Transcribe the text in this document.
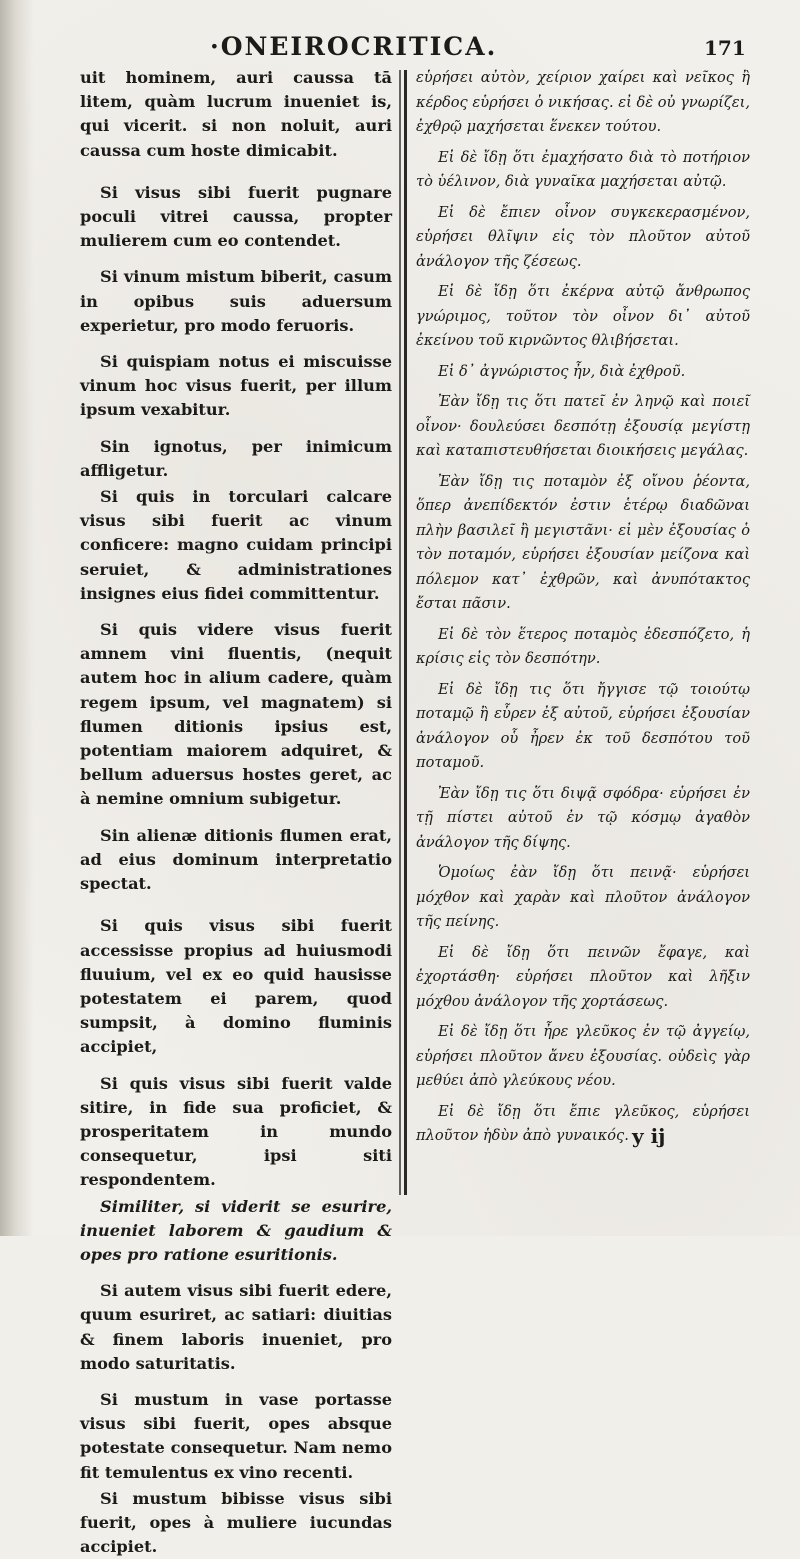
·ONEIROCRITICA.	171

uit hominem, auri caussa tā litem, quàm lucrum inueniet is, qui vicerit. si non noluit, auri caussa cum hoste dimicabit.

Si visus sibi fuerit pugnare poculi vitrei caussa, propter mulierem cum eo contendet.

Si vinum mistum biberit, casum in opibus suis aduersum experietur, pro modo feruoris.

Si quispiam notus ei miscuisse vinum hoc visus fuerit, per illum ipsum vexabitur.

Sin ignotus, per inimicum affligetur.

Si quis in torculari calcare visus sibi fuerit ac vinum conficere: magno cuidam principi seruiet, & administrationes insignes eius fidei committentur.

Si quis videre visus fuerit amnem vini fluentis, (nequit autem hoc in alium cadere, quàm regem ipsum, vel magnatem) si flumen ditionis ipsius est, potentiam maiorem adquiret, & bellum aduersus hostes geret, ac à nemine omnium subigetur.

Sin alienæ ditionis flumen erat, ad eius dominum interpretatio spectat.

Si quis visus sibi fuerit accessisse propius ad huiusmodi fluuium, vel ex eo quid hausisse potestatem ei parem, quod sumpsit, à domino fluminis accipiet,

Si quis visus sibi fuerit valde sitire, in fide sua proficiet, & prosperitatem in mundo consequetur, ipsi siti respondentem.

Similiter, si viderit se esurire, inueniet laborem & gaudium & opes pro ratione esuritionis.

Si autem visus sibi fuerit edere, quum esuriret, ac satiari: diuitias & finem laboris inueniet, pro modo saturitatis.

Si mustum in vase portasse visus sibi fuerit, opes absque potestate consequetur. Nam nemo fit temulentus ex vino recenti.

Si mustum bibisse visus sibi fuerit, opes à muliere iucundas accipiet.

εὑρήσει αὐτὸν, χείριον χαίρει καὶ νεῖκος ἢ κέρδος εὑρήσει ὁ νικήσας. εἰ δὲ οὐ γνωρίζει, ἐχθρῷ μαχήσεται ἕνεκεν τούτου.

Εἰ δὲ ἴδῃ ὅτι ἐμαχήσατο διὰ τὸ ποτήριον τὸ ὑέλινον, διὰ γυναῖκα μαχήσεται αὐτῷ.

Εἰ δὲ ἔπιεν οἶνον συγκεκερασμένον, εὑρήσει θλῖψιν εἰς τὸν πλοῦτον αὐτοῦ ἀνάλογον τῆς ζέσεως.

Εἰ δὲ ἴδῃ ὅτι ἐκέρνα αὐτῷ ἄνθρωπος γνώριμος, τοῦτον τὸν οἶνον δι᾽ αὐτοῦ ἐκείνου τοῦ κιρνῶντος θλιβήσεται.

Εἰ δ᾽ ἀγνώριστος ἦν, διὰ ἐχθροῦ.

Ἐὰν ἴδῃ τις ὅτι πατεῖ ἐν ληνῷ καὶ ποιεῖ οἶνον· δουλεύσει δεσπότῃ ἐξουσίᾳ μεγίστῃ καὶ καταπιστευθήσεται διοικήσεις μεγάλας.

Ἐὰν ἴδῃ τις ποταμὸν ἐξ οἴνου ῥέοντα, ὅπερ ἀνεπίδεκτόν ἐστιν ἑτέρῳ διαδῶναι πλὴν βασιλεῖ ἢ μεγιστᾶνι· εἰ μὲν ἐξουσίας ὁ τὸν ποταμόν, εὑρήσει ἐξουσίαν μείζονα καὶ πόλεμον κατ᾽ ἐχθρῶν, καὶ ἀνυπότακτος ἔσται πᾶσιν.

Εἰ δὲ τὸν ἕτερος ποταμὸς ἐδεσπόζετο, ἡ κρίσις εἰς τὸν δεσπότην.

Εἰ δὲ ἴδῃ τις ὅτι ἤγγισε τῷ τοιούτῳ ποταμῷ ἢ εὗρεν ἐξ αὐτοῦ, εὑρήσει ἐξουσίαν ἀνάλογον οὗ ἦρεν ἐκ τοῦ δεσπότου τοῦ ποταμοῦ.

Ἐὰν ἴδῃ τις ὅτι διψᾷ σφόδρα· εὑρήσει ἐν τῇ πίστει αὐτοῦ ἐν τῷ κόσμῳ ἀγαθὸν ἀνάλογον τῆς δίψης.

Ὁμοίως ἐὰν ἴδῃ ὅτι πεινᾷ· εὑρήσει μόχθον καὶ χαρὰν καὶ πλοῦτον ἀνάλογον τῆς πείνης.

Εἰ δὲ ἴδῃ ὅτι πεινῶν ἔφαγε, καὶ ἐχορτάσθη· εὑρήσει πλοῦτον καὶ λῆξιν μόχθου ἀνάλογον τῆς χορτάσεως.

Εἰ δὲ ἴδῃ ὅτι ἦρε γλεῦκος ἐν τῷ ἀγγείῳ, εὑρήσει πλοῦτον ἄνευ ἐξουσίας. οὐδεὶς γὰρ μεθύει ἀπὸ γλεύκους νέου.

Εἰ δὲ ἴδῃ ὅτι ἔπιε γλεῦκος, εὑρήσει πλοῦτον ἡδὺν ἀπὸ γυναικός. y ij
